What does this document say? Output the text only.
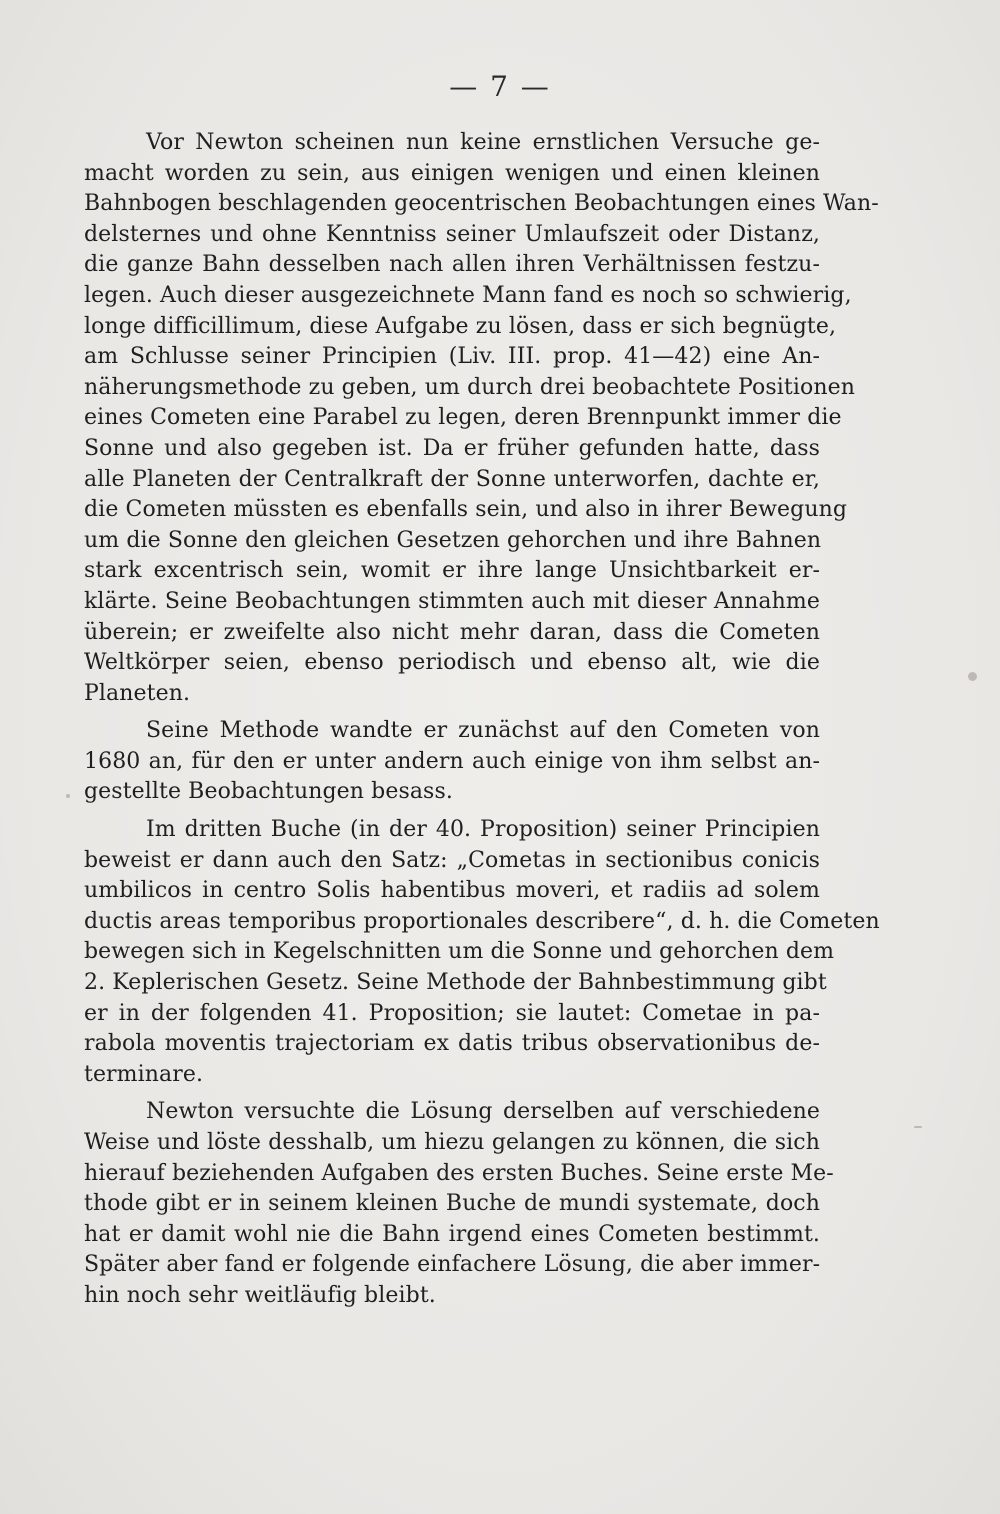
— 7 —
Vor Newton scheinen nun keine ernstlichen Versuche ge-
macht worden zu sein, aus einigen wenigen und einen kleinen
Bahnbogen beschlagenden geocentrischen Beobachtungen eines Wan-
delsternes und ohne Kenntniss seiner Umlaufszeit oder Distanz,
die ganze Bahn desselben nach allen ihren Verhältnissen festzu-
legen. Auch dieser ausgezeichnete Mann fand es noch so schwierig,
longe difficillimum, diese Aufgabe zu lösen, dass er sich begnügte,
am Schlusse seiner Principien (Liv. III. prop. 41—42) eine An-
näherungsmethode zu geben, um durch drei beobachtete Positionen
eines Cometen eine Parabel zu legen, deren Brennpunkt immer die
Sonne und also gegeben ist. Da er früher gefunden hatte, dass
alle Planeten der Centralkraft der Sonne unterworfen, dachte er,
die Cometen müssten es ebenfalls sein, und also in ihrer Bewegung
um die Sonne den gleichen Gesetzen gehorchen und ihre Bahnen
stark excentrisch sein, womit er ihre lange Unsichtbarkeit er-
klärte. Seine Beobachtungen stimmten auch mit dieser Annahme
überein; er zweifelte also nicht mehr daran, dass die Cometen
Weltkörper seien, ebenso periodisch und ebenso alt, wie die
Planeten.
Seine Methode wandte er zunächst auf den Cometen von
1680 an, für den er unter andern auch einige von ihm selbst an-
gestellte Beobachtungen besass.
Im dritten Buche (in der 40. Proposition) seiner Principien
beweist er dann auch den Satz: „Cometas in sectionibus conicis
umbilicos in centro Solis habentibus moveri, et radiis ad solem
ductis areas temporibus proportionales describere“, d. h. die Cometen
bewegen sich in Kegelschnitten um die Sonne und gehorchen dem
2. Keplerischen Gesetz. Seine Methode der Bahnbestimmung gibt
er in der folgenden 41. Proposition; sie lautet: Cometae in pa-
rabola moventis trajectoriam ex datis tribus observationibus de-
terminare.
Newton versuchte die Lösung derselben auf verschiedene
Weise und löste desshalb, um hiezu gelangen zu können, die sich
hierauf beziehenden Aufgaben des ersten Buches. Seine erste Me-
thode gibt er in seinem kleinen Buche de mundi systemate, doch
hat er damit wohl nie die Bahn irgend eines Cometen bestimmt.
Später aber fand er folgende einfachere Lösung, die aber immer-
hin noch sehr weitläufig bleibt.
